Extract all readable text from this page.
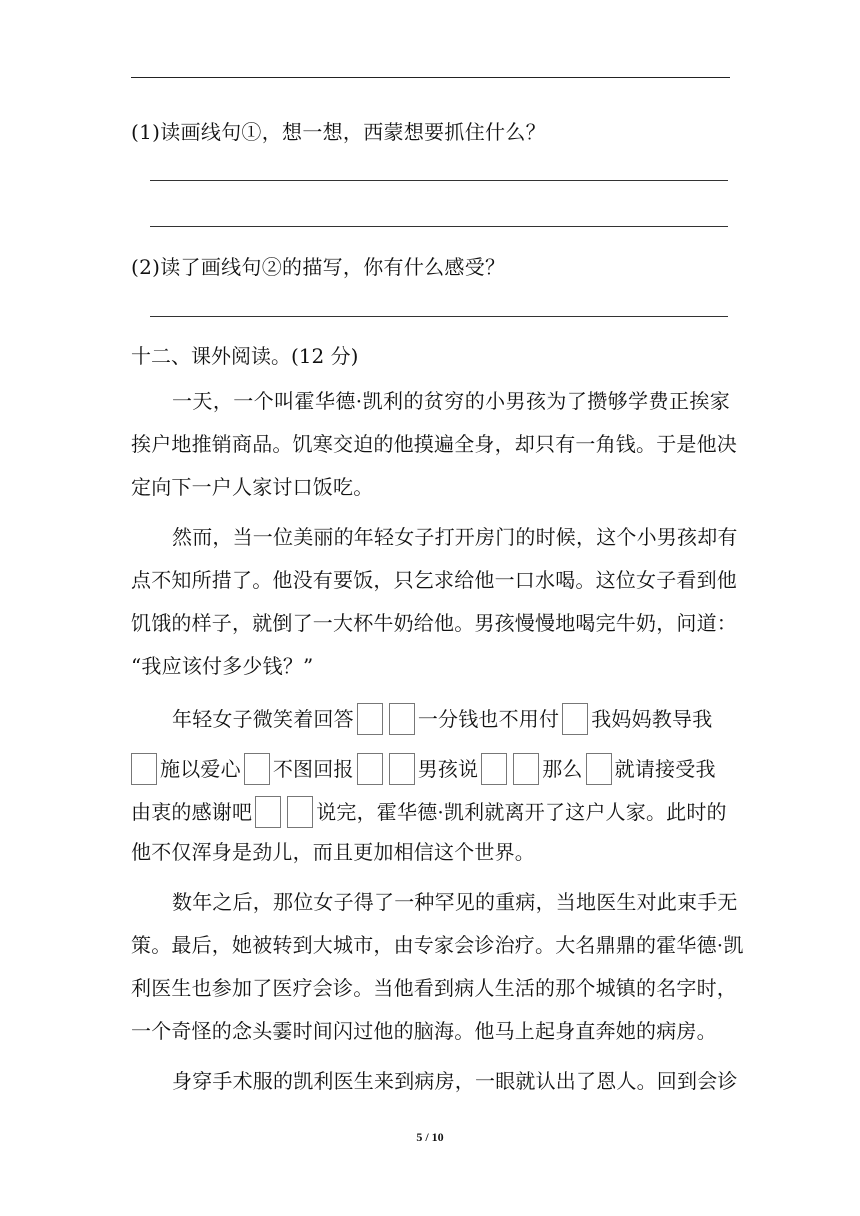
(1)读画线句①，想一想，西蒙想要抓住什么？
(2)读了画线句②的描写，你有什么感受？
十二、课外阅读。(12 分)
一天，一个叫霍华德·凯利的贫穷的小男孩为了攒够学费正挨家
挨户地推销商品。饥寒交迫的他摸遍全身，却只有一角钱。于是他决
定向下一户人家讨口饭吃。
然而，当一位美丽的年轻女子打开房门的时候，这个小男孩却有
点不知所措了。他没有要饭，只乞求给他一口水喝。这位女子看到他
饥饿的样子，就倒了一大杯牛奶给他。男孩慢慢地喝完牛奶，问道：
“我应该付多少钱？”
年轻女子微笑着回答	一分钱也不用付 我妈妈教导我
施以爱心 不图回报	男孩说	那么 就请接受我
由衷的感谢吧	说完，霍华德·凯利就离开了这户人家。此时的
他不仅浑身是劲儿，而且更加相信这个世界。
数年之后，那位女子得了一种罕见的重病，当地医生对此束手无
策。最后，她被转到大城市，由专家会诊治疗。大名鼎鼎的霍华德·凯
利医生也参加了医疗会诊。当他看到病人生活的那个城镇的名字时，
一个奇怪的念头霎时间闪过他的脑海。他马上起身直奔她的病房。
身穿手术服的凯利医生来到病房，一眼就认出了恩人。回到会诊
5 / 10
